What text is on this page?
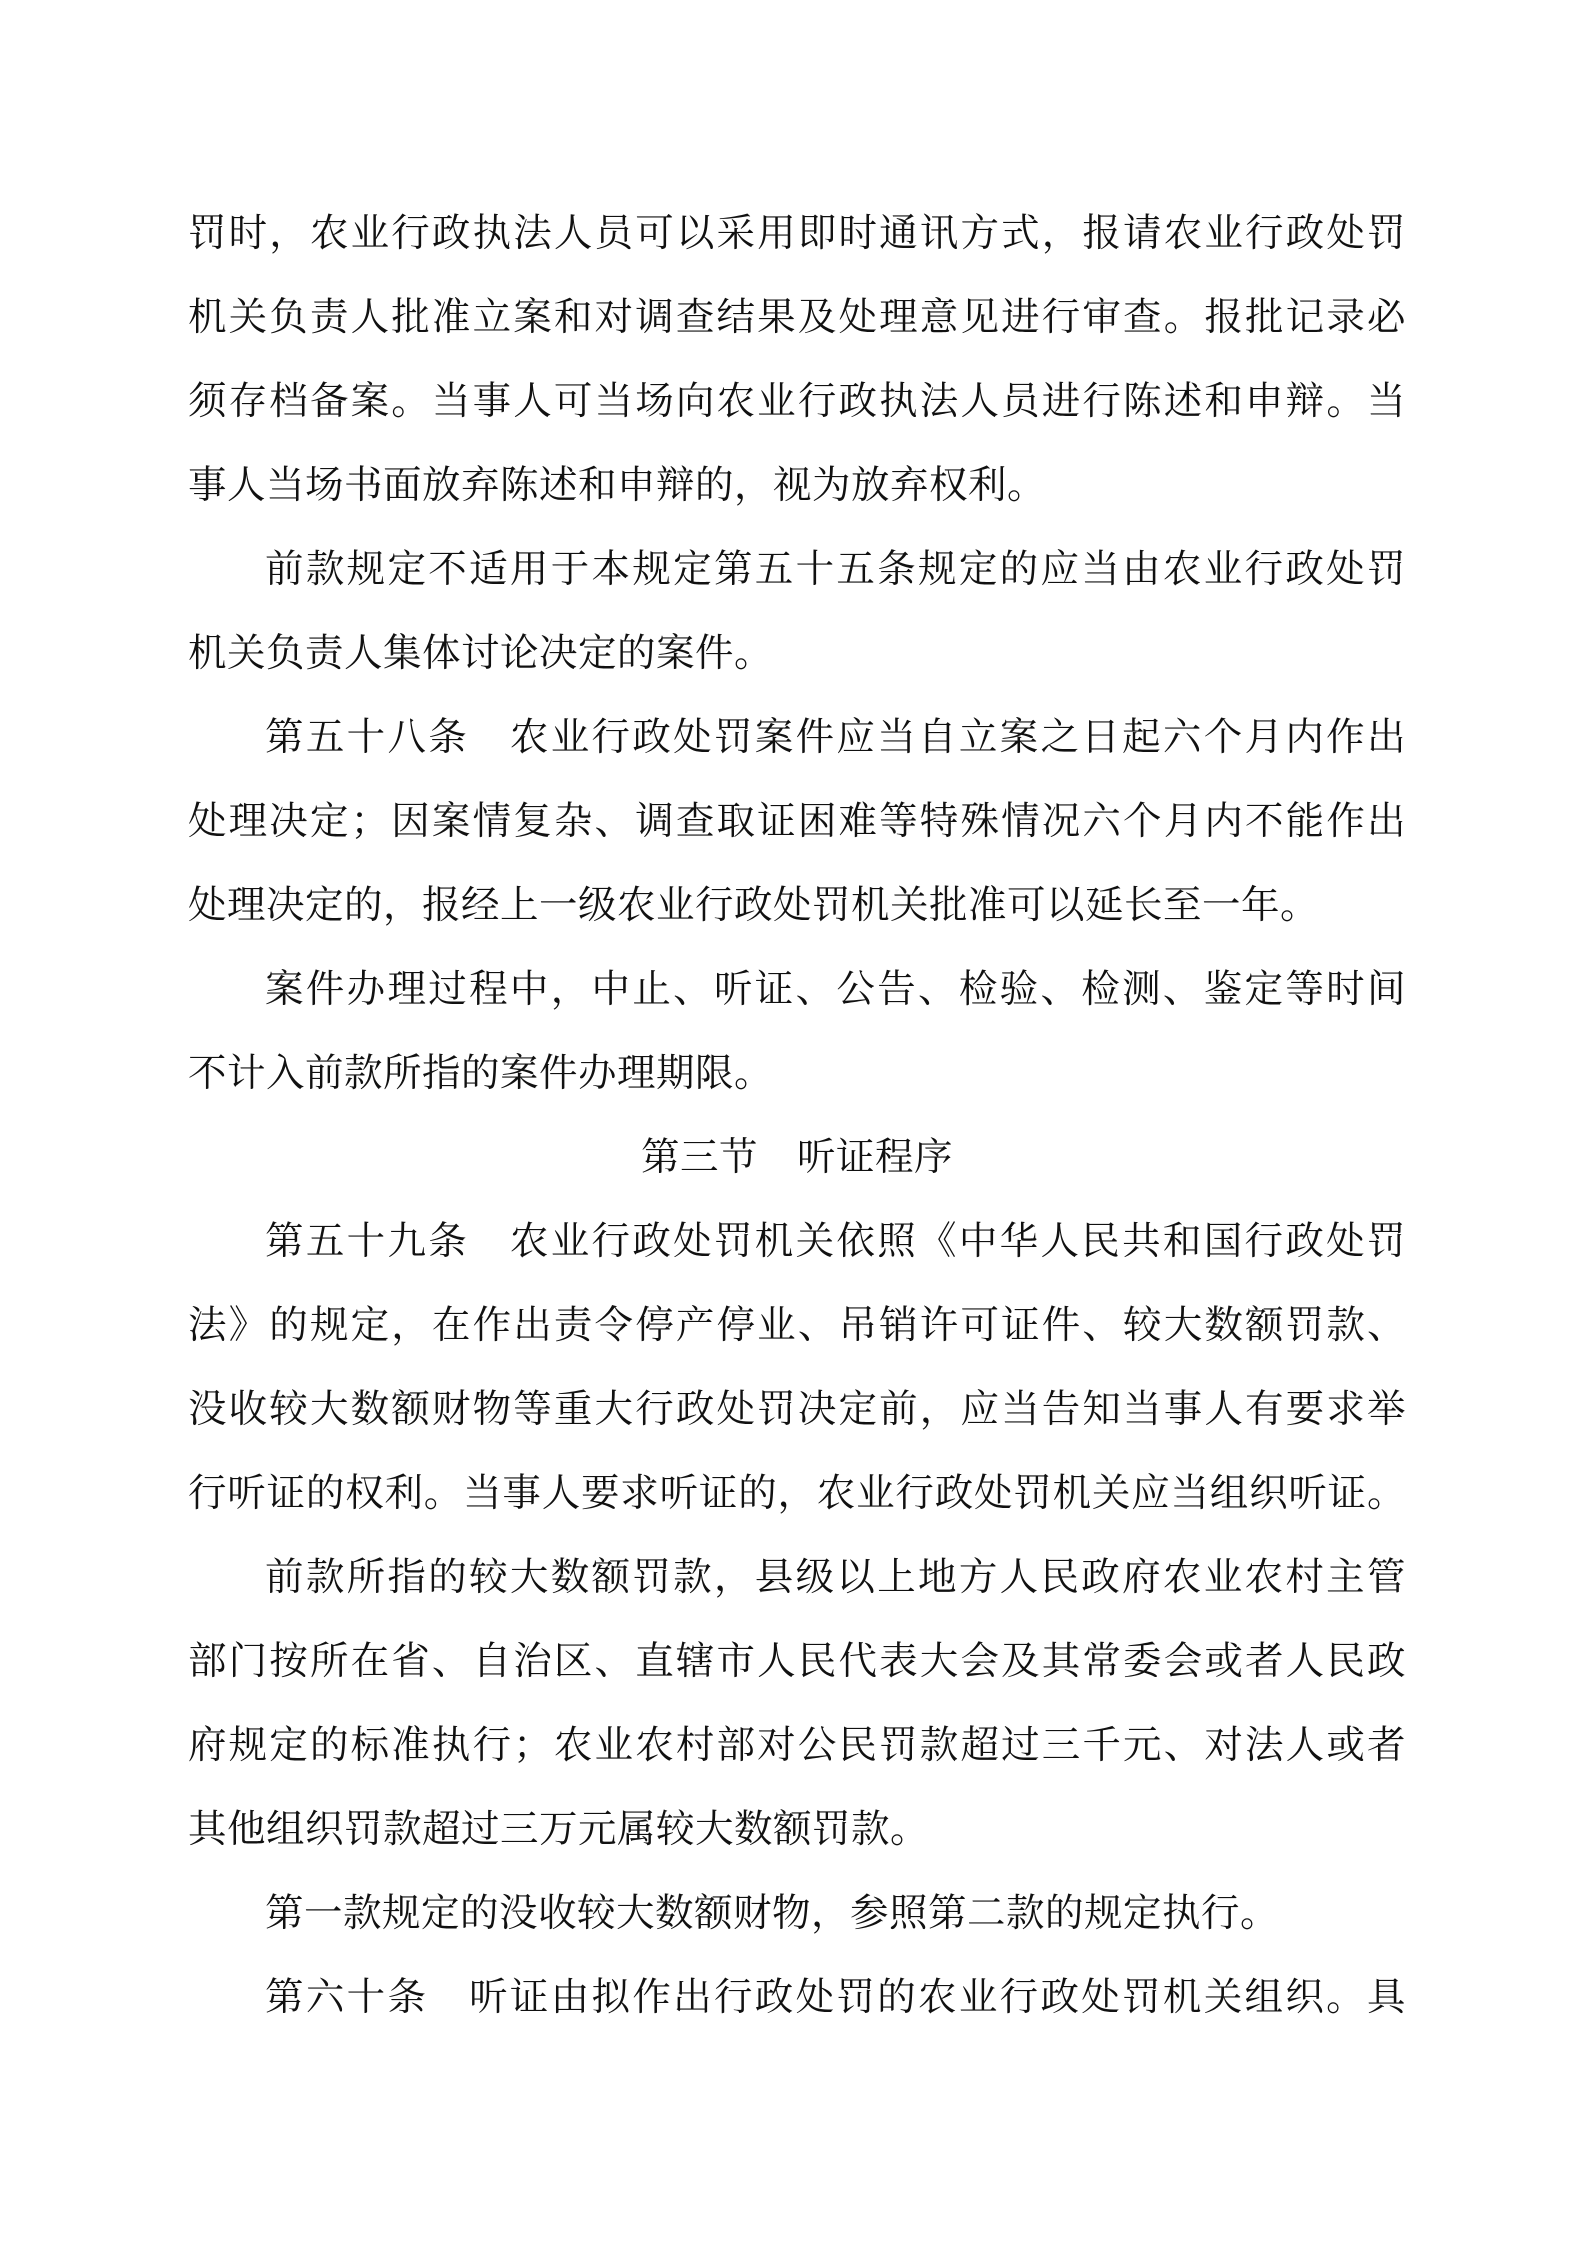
罚时，农业行政执法人员可以采用即时通讯方式，报请农业行政处罚
机关负责人批准立案和对调查结果及处理意见进行审查。报批记录必
须存档备案。当事人可当场向农业行政执法人员进行陈述和申辩。当
事人当场书面放弃陈述和申辩的，视为放弃权利。
前款规定不适用于本规定第五十五条规定的应当由农业行政处罚
机关负责人集体讨论决定的案件。
第五十八条　农业行政处罚案件应当自立案之日起六个月内作出
处理决定；因案情复杂、调查取证困难等特殊情况六个月内不能作出
处理决定的，报经上一级农业行政处罚机关批准可以延长至一年。
案件办理过程中，中止、听证、公告、检验、检测、鉴定等时间
不计入前款所指的案件办理期限。
第三节　听证程序
第五十九条　农业行政处罚机关依照《中华人民共和国行政处罚
法》的规定，在作出责令停产停业、吊销许可证件、较大数额罚款、
没收较大数额财物等重大行政处罚决定前，应当告知当事人有要求举
行听证的权利。当事人要求听证的，农业行政处罚机关应当组织听证。
前款所指的较大数额罚款，县级以上地方人民政府农业农村主管
部门按所在省、自治区、直辖市人民代表大会及其常委会或者人民政
府规定的标准执行；农业农村部对公民罚款超过三千元、对法人或者
其他组织罚款超过三万元属较大数额罚款。
第一款规定的没收较大数额财物，参照第二款的规定执行。
第六十条　听证由拟作出行政处罚的农业行政处罚机关组织。具
